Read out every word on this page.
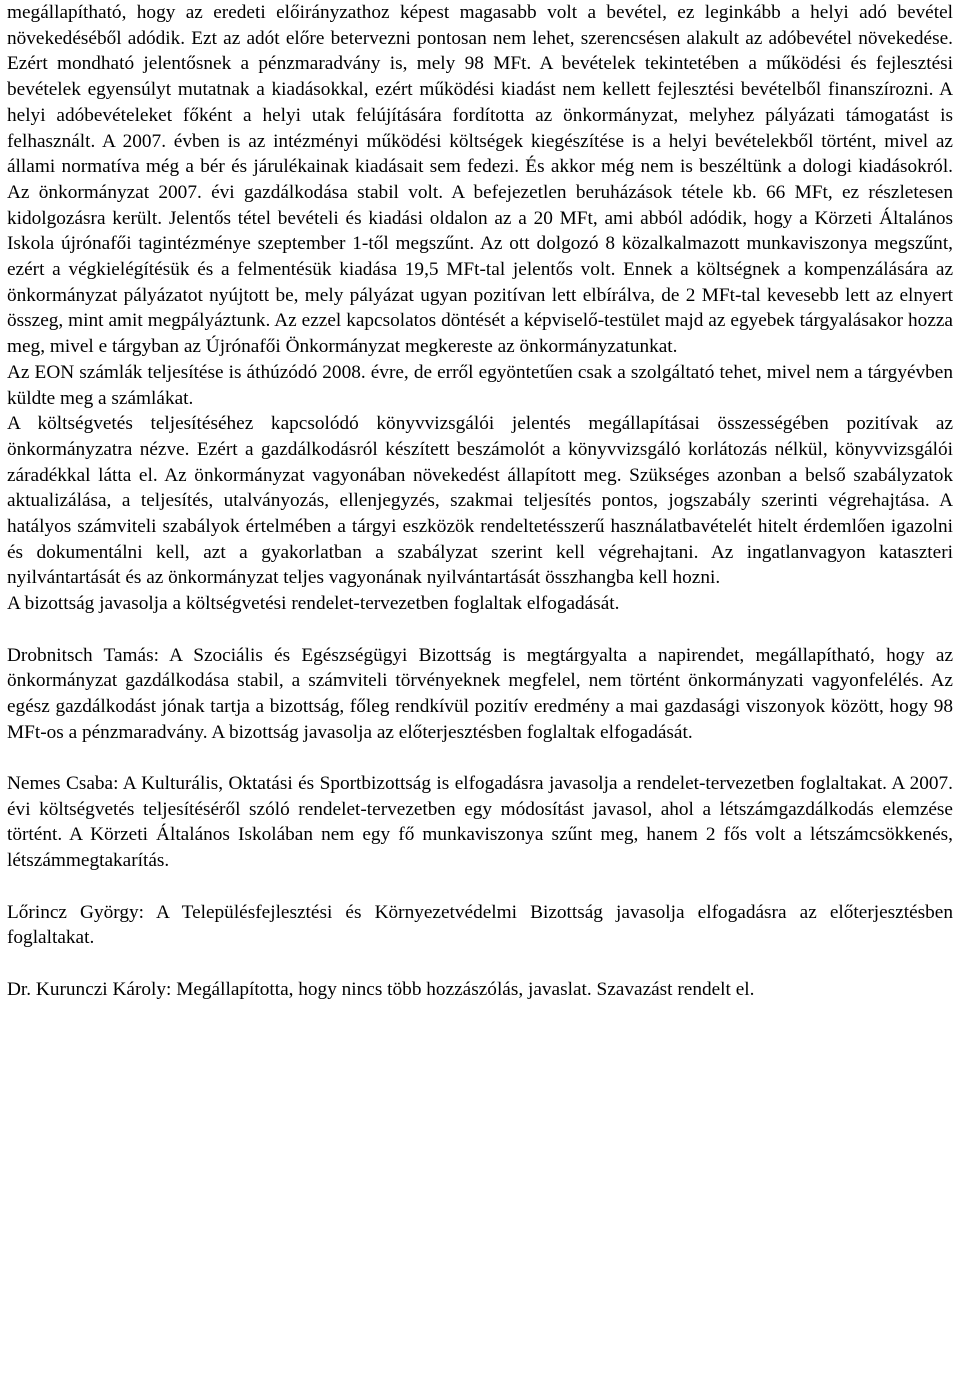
megállapítható, hogy az eredeti előirányzathoz képest magasabb volt a bevétel, ez leginkább a helyi adó bevétel növekedéséből adódik. Ezt az adót előre betervezni pontosan nem lehet, szerencsésen alakult az adóbevétel növekedése. Ezért mondható jelentősnek a pénzmaradvány is, mely 98 MFt. A bevételek tekintetében a működési és fejlesztési bevételek egyensúlyt mutatnak a kiadásokkal, ezért működési kiadást nem kellett fejlesztési bevételből finanszírozni. A helyi adóbevételeket főként a helyi utak felújítására fordította az önkormányzat, melyhez pályázati támogatást is felhasznált. A 2007. évben is az intézményi működési költségek kiegészítése is a helyi bevételekből történt, mivel az állami normatíva még a bér és járulékainak kiadásait sem fedezi. És akkor még nem is beszéltünk a dologi kiadásokról. Az önkormányzat 2007. évi gazdálkodása stabil volt. A befejezetlen beruházások tétele kb. 66 MFt, ez részletesen kidolgozásra került. Jelentős tétel bevételi és kiadási oldalon az a 20 MFt, ami abból adódik, hogy a Körzeti Általános Iskola újrónafői tagintézménye szeptember 1-től megszűnt. Az ott dolgozó 8 közalkalmazott munkaviszonya megszűnt, ezért a végkielégítésük és a felmentésük kiadása 19,5 MFt-tal jelentős volt. Ennek a költségnek a kompenzálására az önkormányzat pályázatot nyújtott be, mely pályázat ugyan pozitívan lett elbírálva, de 2 MFt-tal kevesebb lett az elnyert összeg, mint amit megpályáztunk. Az ezzel kapcsolatos döntését a képviselő-testület majd az egyebek tárgyalásakor hozza meg, mivel e tárgyban az Újrónafői Önkormányzat megkereste az önkormányzatunkat.

Az EON számlák teljesítése is áthúzódó 2008. évre, de erről egyöntetűen csak a szolgáltató tehet, mivel nem a tárgyévben küldte meg a számlákat.

A költségvetés teljesítéséhez kapcsolódó könyvvizsgálói jelentés megállapításai összességében pozitívak az önkormányzatra nézve. Ezért a gazdálkodásról készített beszámolót a könyvvizsgáló korlátozás nélkül, könyvvizsgálói záradékkal látta el. Az önkormányzat vagyonában növekedést állapított meg. Szükséges azonban a belső szabályzatok aktualizálása, a teljesítés, utalványozás, ellenjegyzés, szakmai teljesítés pontos, jogszabály szerinti végrehajtása. A hatályos számviteli szabályok értelmében a tárgyi eszközök rendeltetésszerű használatbavételét hitelt érdemlően igazolni és dokumentálni kell, azt a gyakorlatban a szabályzat szerint kell végrehajtani. Az ingatlanvagyon kataszteri nyilvántartását és az önkormányzat teljes vagyonának nyilvántartását összhangba kell hozni.

A bizottság javasolja a költségvetési rendelet-tervezetben foglaltak elfogadását.

Drobnitsch Tamás: A Szociális és Egészségügyi Bizottság is megtárgyalta a napirendet, megállapítható, hogy az önkormányzat gazdálkodása stabil, a számviteli törvényeknek megfelel, nem történt önkormányzati vagyonfelélés. Az egész gazdálkodást jónak tartja a bizottság, főleg rendkívül pozitív eredmény a mai gazdasági viszonyok között, hogy 98 MFt-os a pénzmaradvány. A bizottság javasolja az előterjesztésben foglaltak elfogadását.

Nemes Csaba: A Kulturális, Oktatási és Sportbizottság is elfogadásra javasolja a rendelet-tervezetben foglaltakat. A 2007. évi költségvetés teljesítéséről szóló rendelet-tervezetben egy módosítást javasol, ahol a létszámgazdálkodás elemzése történt. A Körzeti Általános Iskolában nem egy fő munkaviszonya szűnt meg, hanem 2 fős volt a létszámcsökkenés, létszámmegtakarítás.

Lőrincz György: A Településfejlesztési és Környezetvédelmi Bizottság javasolja elfogadásra az előterjesztésben foglaltakat.

Dr. Kurunczi Károly: Megállapította, hogy nincs több hozzászólás, javaslat. Szavazást rendelt el.
